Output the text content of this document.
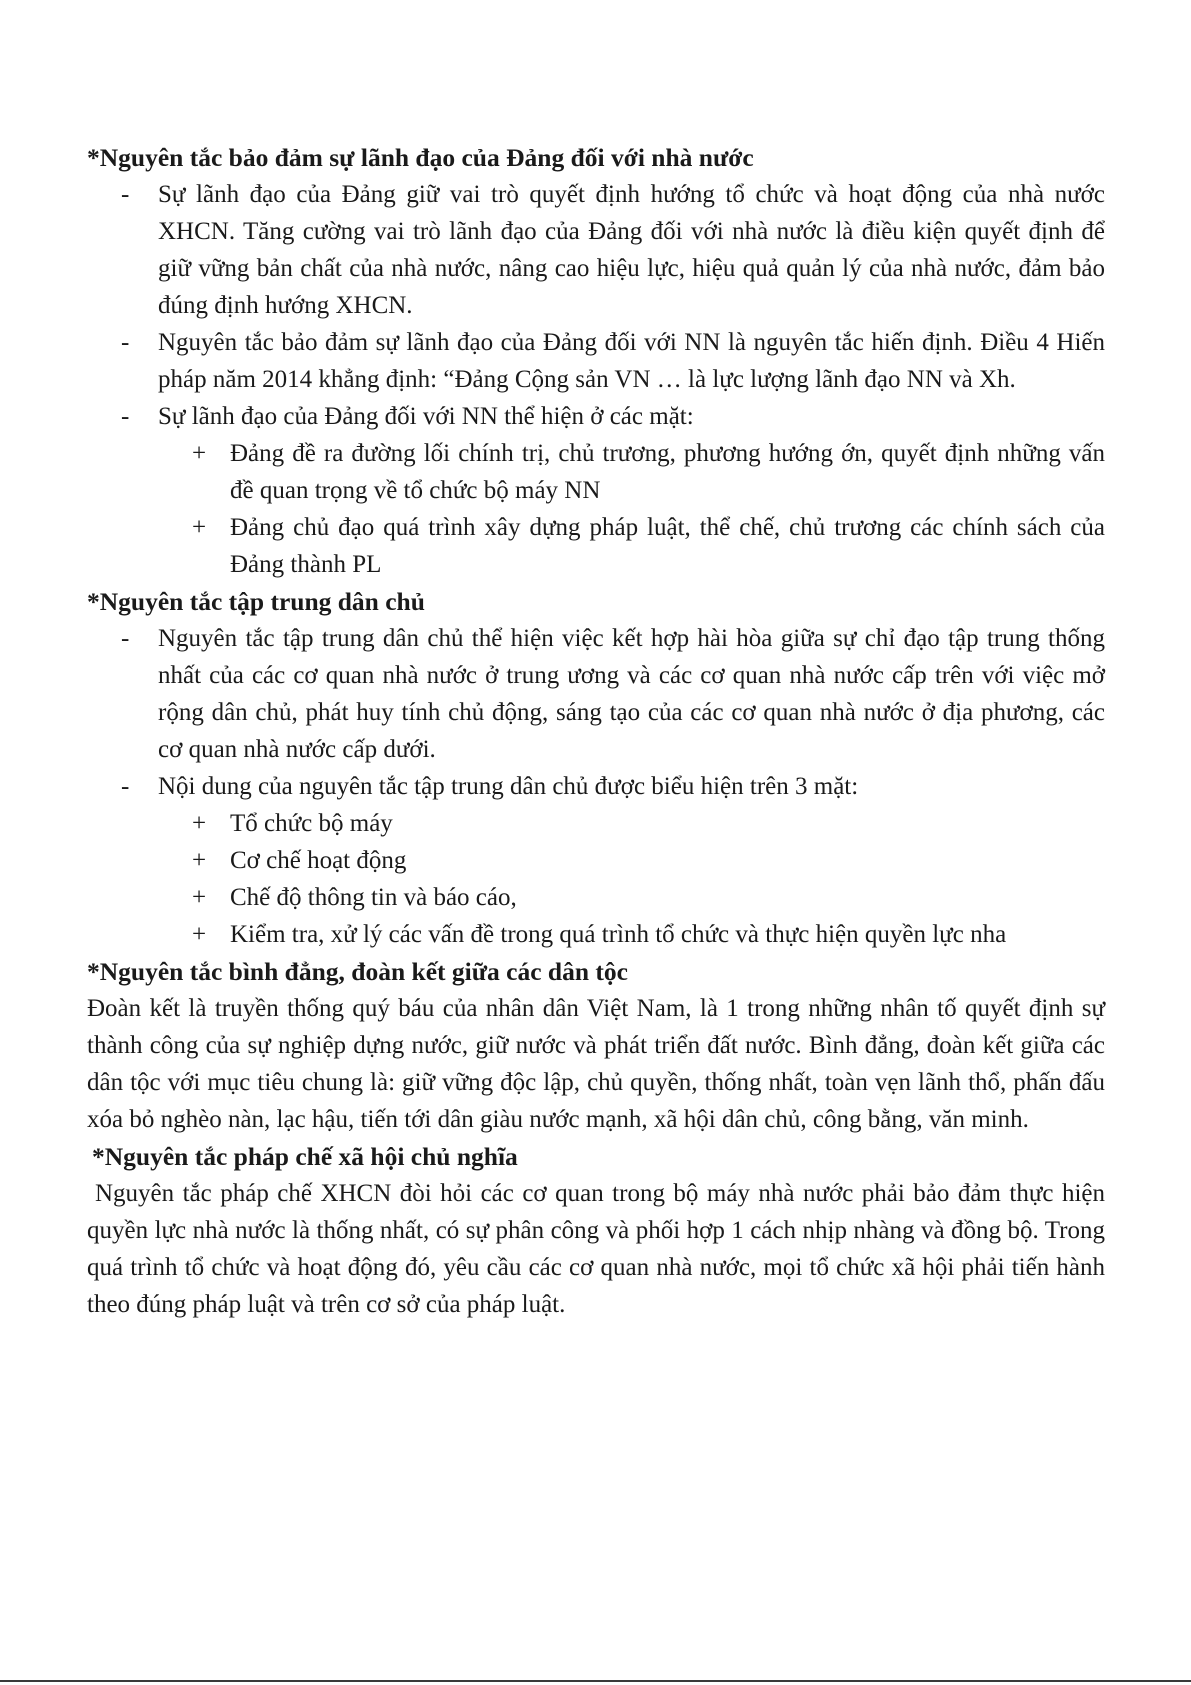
*Nguyên tắc bảo đảm sự lãnh đạo của Đảng đối với nhà nước

- Sự lãnh đạo của Đảng giữ vai trò quyết định hướng tổ chức và hoạt động của nhà nước XHCN. Tăng cường vai trò lãnh đạo của Đảng đối với nhà nước là điều kiện quyết định để giữ vững bản chất của nhà nước, nâng cao hiệu lực, hiệu quả quản lý của nhà nước, đảm bảo đúng định hướng XHCN.
- Nguyên tắc bảo đảm sự lãnh đạo của Đảng đối với NN là nguyên tắc hiến định. Điều 4 Hiến pháp năm 2014 khẳng định: “Đảng Cộng sản VN … là lực lượng lãnh đạo NN và Xh.
- Sự lãnh đạo của Đảng đối với NN thể hiện ở các mặt:
+ Đảng đề ra đường lối chính trị, chủ trương, phương hướng ớn, quyết định những vấn đề quan trọng về tổ chức bộ máy NN
+ Đảng chủ đạo quá trình xây dựng pháp luật, thể chế, chủ trương các chính sách của Đảng thành PL

*Nguyên tắc tập trung dân chủ

- Nguyên tắc tập trung dân chủ thể hiện việc kết hợp hài hòa giữa sự chỉ đạo tập trung thống nhất của các cơ quan nhà nước ở trung ương và các cơ quan nhà nước cấp trên với việc mở rộng dân chủ, phát huy tính chủ động, sáng tạo của các cơ quan nhà nước ở địa phương, các cơ quan nhà nước cấp dưới.
- Nội dung của nguyên tắc tập trung dân chủ được biểu hiện trên 3 mặt:
+ Tổ chức bộ máy
+ Cơ chế hoạt động
+ Chế độ thông tin và báo cáo,
+ Kiểm tra, xử lý các vấn đề trong quá trình tổ chức và thực hiện quyền lực nha

*Nguyên tắc bình đẳng, đoàn kết giữa các dân tộc

Đoàn kết là truyền thống quý báu của nhân dân Việt Nam, là 1 trong những nhân tố quyết định sự thành công của sự nghiệp dựng nước, giữ nước và phát triển đất nước. Bình đẳng, đoàn kết giữa các dân tộc với mục tiêu chung là: giữ vững độc lập, chủ quyền, thống nhất, toàn vẹn lãnh thổ, phấn đấu xóa bỏ nghèo nàn, lạc hậu, tiến tới dân giàu nước mạnh, xã hội dân chủ, công bằng, văn minh.

*Nguyên tắc pháp chế xã hội chủ nghĩa

Nguyên tắc pháp chế XHCN đòi hỏi các cơ quan trong bộ máy nhà nước phải bảo đảm thực hiện quyền lực nhà nước là thống nhất, có sự phân công và phối hợp 1 cách nhịp nhàng và đồng bộ. Trong quá trình tổ chức và hoạt động đó, yêu cầu các cơ quan nhà nước, mọi tổ chức xã hội phải tiến hành theo đúng pháp luật và trên cơ sở của pháp luật.
